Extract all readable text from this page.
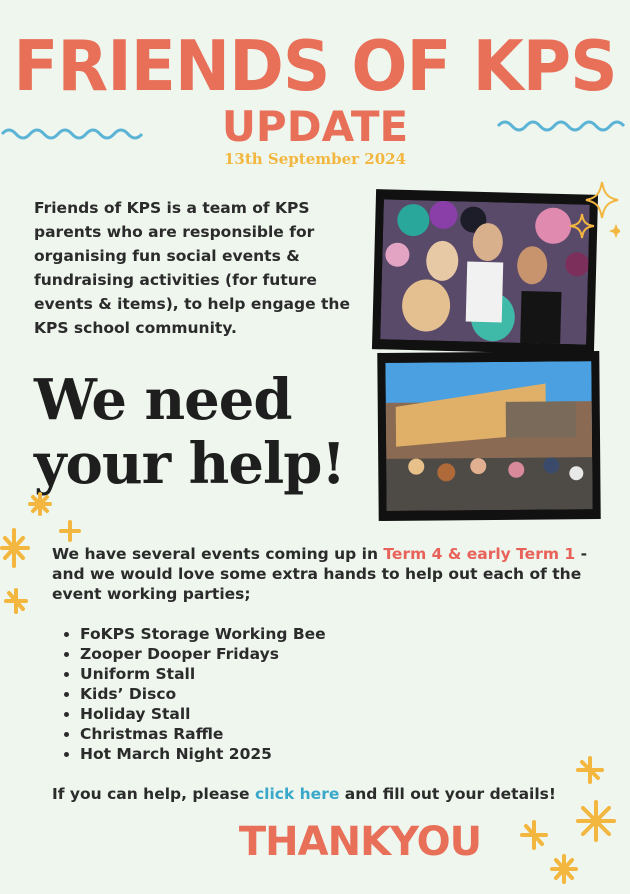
FRIENDS OF KPS
UPDATE
13th September 2024

Friends of KPS is a team of KPS parents who are responsible for organising fun social events & fundraising activities (for future events & items), to help engage the KPS school community.

We need
your help!

We have several events coming up in Term 4 & early Term 1 - and we would love some extra hands to help out each of the event working parties;

• FoKPS Storage Working Bee
• Zooper Dooper Fridays
• Uniform Stall
• Kids’ Disco
• Holiday Stall
• Christmas Raffle
• Hot March Night 2025

If you can help, please click here and fill out your details!

THANKYOU
